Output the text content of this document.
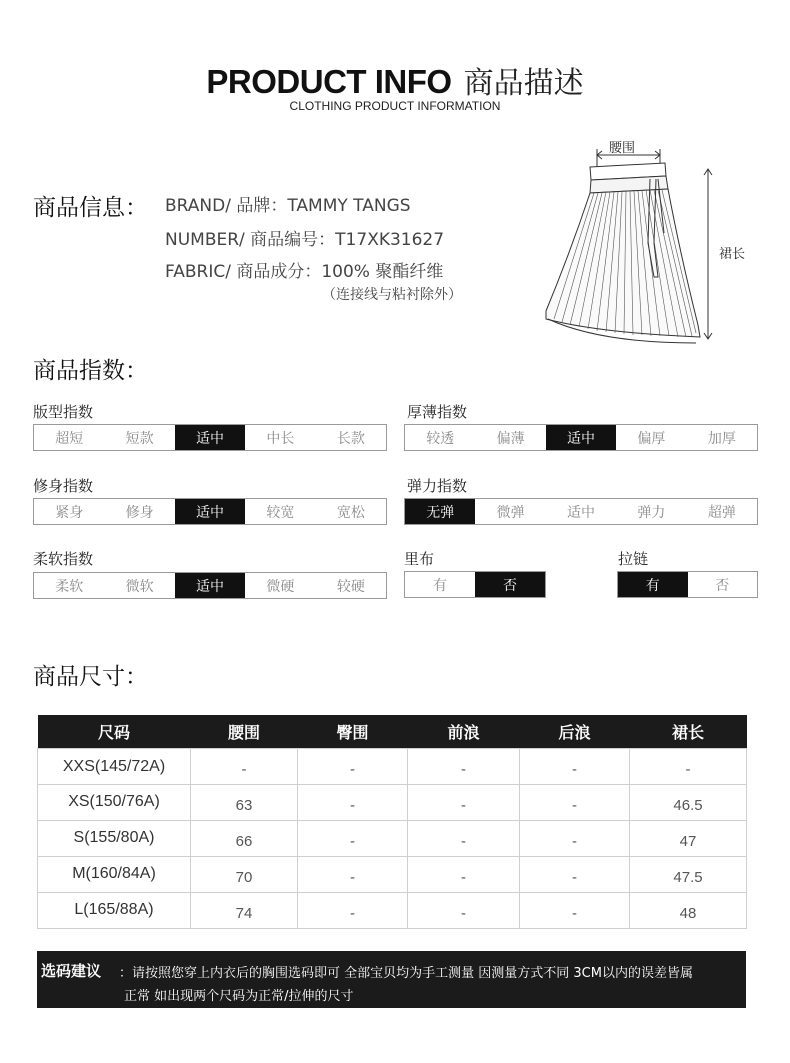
PRODUCT INFO 商品描述
CLOTHING PRODUCT INFORMATION
商品信息： BRAND/ 品牌：TAMMY TANGS
NUMBER/ 商品编号：T17XK31627
FABRIC/ 商品成分：100% 聚酯纤维
（连接线与粘衬除外）
腰围
裙长
商品指数：
版型指数
超短	短款	适中	中长	长款
厚薄指数
较透	偏薄	适中	偏厚	加厚
修身指数
紧身	修身	适中	较宽	宽松
弹力指数
无弹	微弹	适中	弹力	超弹
柔软指数
柔软	微软	适中	微硬	较硬
里布
有	否
拉链
有	否
商品尺寸：
尺码	腰围	臀围	前浪	后浪	裙长
XXS(145/72A)	-	-	-	-	-
XS(150/76A)	63	-	-	-	46.5
S(155/80A)	66	-	-	-	47
M(160/84A)	70	-	-	-	47.5
L(165/88A)	74	-	-	-	48
选码建议 ：请按照您穿上内衣后的胸围选码即可 全部宝贝均为手工测量 因测量方式不同 3CM以内的误差皆属
正常 如出现两个尺码为正常/拉伸的尺寸
